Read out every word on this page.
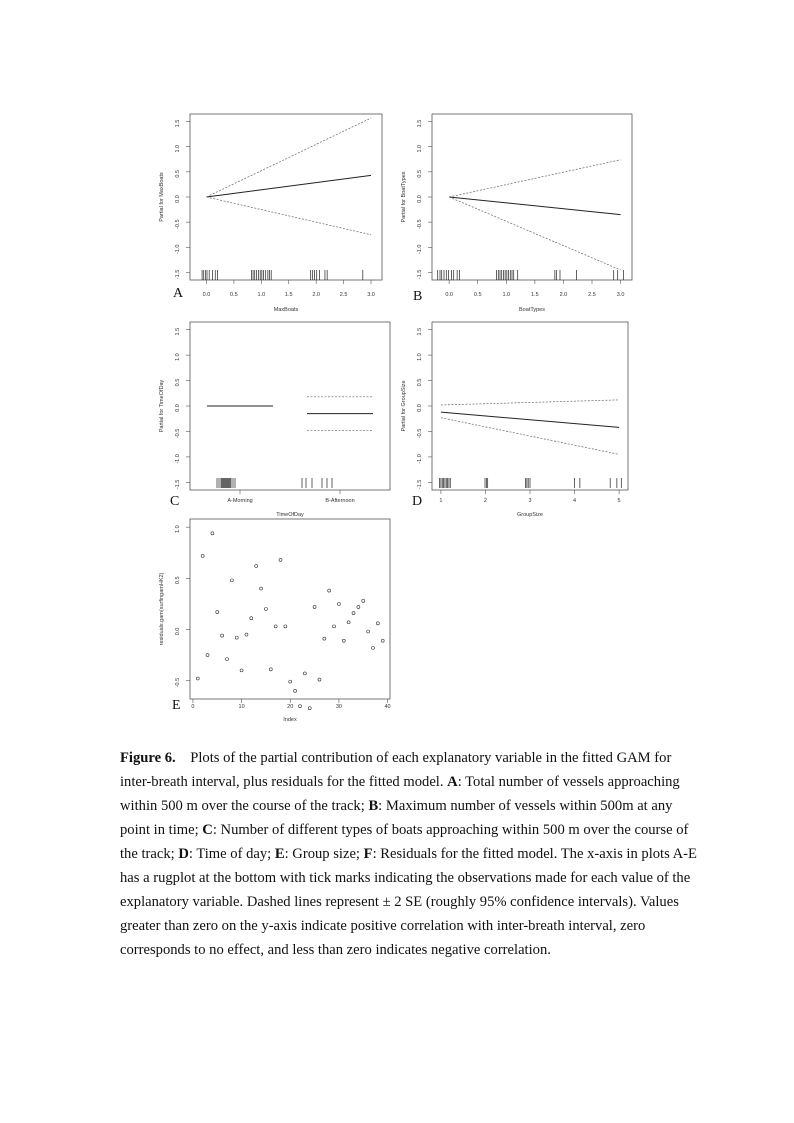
0.0	0.5	1.0	1.5	2.0	2.5	3.0
MaxBoats
-1.5
-1.0
-0.5
0.0
0.5
1.0
1.5
Partial for MaxBoats
A	0.0	0.5	1.0	1.5	2.0	2.5	3.0
BoatTypes
-1.5
-1.0
-0.5
0.0
0.5
1.0
1.5
Partial for BoatTypes
B
A-Morning	B-Afternoon
TimeOfDay
-1.5
-1.0
-0.5
0.0
0.5
1.0
1.5
Partial for TimeOfDay
C	1	2	3	4	5
GroupSize
-1.5
-1.0
-0.5
0.0
0.5
1.0
1.5
Partial for GroupSize
D
0	10	20	30	40
Index
-0.5
0.0
0.5
1.0
residuals.gam(surfingamHK2)
E

Figure 6. Plots of the partial contribution of each explanatory variable in the fitted GAM for inter-breath interval, plus residuals for the fitted model. A: Total number of vessels approaching within 500 m over the course of the track; B: Maximum number of vessels within 500m at any point in time; C: Number of different types of boats approaching within 500 m over the course of the track; D: Time of day; E: Group size; F: Residuals for the fitted model. The x-axis in plots A-E has a rugplot at the bottom with tick marks indicating the observations made for each value of the explanatory variable. Dashed lines represent ± 2 SE (roughly 95% confidence intervals). Values greater than zero on the y-axis indicate positive correlation with inter-breath interval, zero corresponds to no effect, and less than zero indicates negative correlation.
